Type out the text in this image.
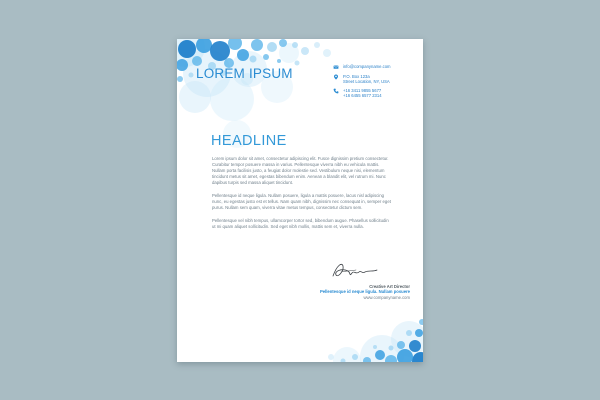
LOREM IPSUM	info@companyname.com
P.O. Box 123a
Street Location, NY, USA
+16 3411 9855 5677
+16 6455 6577 2314
HEADLINE

Lorem ipsum dolor sit amet, consectetur adipiscing elit. Fusce dignissim pretium consectetur. Curabitur tempor posuere massa in varius. Pellentesque viverra nibh eu vehicula mattis. Nullam porta facilisis justo, a feugiat dolor molestie sed. Vestibulum neque nisi, elementum tincidunt metus sit amet, egestas bibendum enim. Aenean a blandit elit, vel rutrum mi. Nunc dapibus turpis sed massa aliquet tincidunt.

Pellentesque id neque ligula. Nullam posuere, ligula a mattis posuere, lacus nisl adipiscing nunc, eu egestas justo est et tellus. Nam quam nibh, dignissim nec consequat in, semper eget purus. Nullam sem quam, viverra vitae metus tempus, consectetur dictum sem.

Pellentesque vel nibh tempus, ullamcorper tortor sed, bibendum augue. Phasellus sollicitudin ut mi quam aliquet sollicitudin. Sed eget nibh mollis, mattis sem et, viverra nulla.

Creative Art Director
Pellentesque id neque ligula. Nullam posuere
www.companyname.com
